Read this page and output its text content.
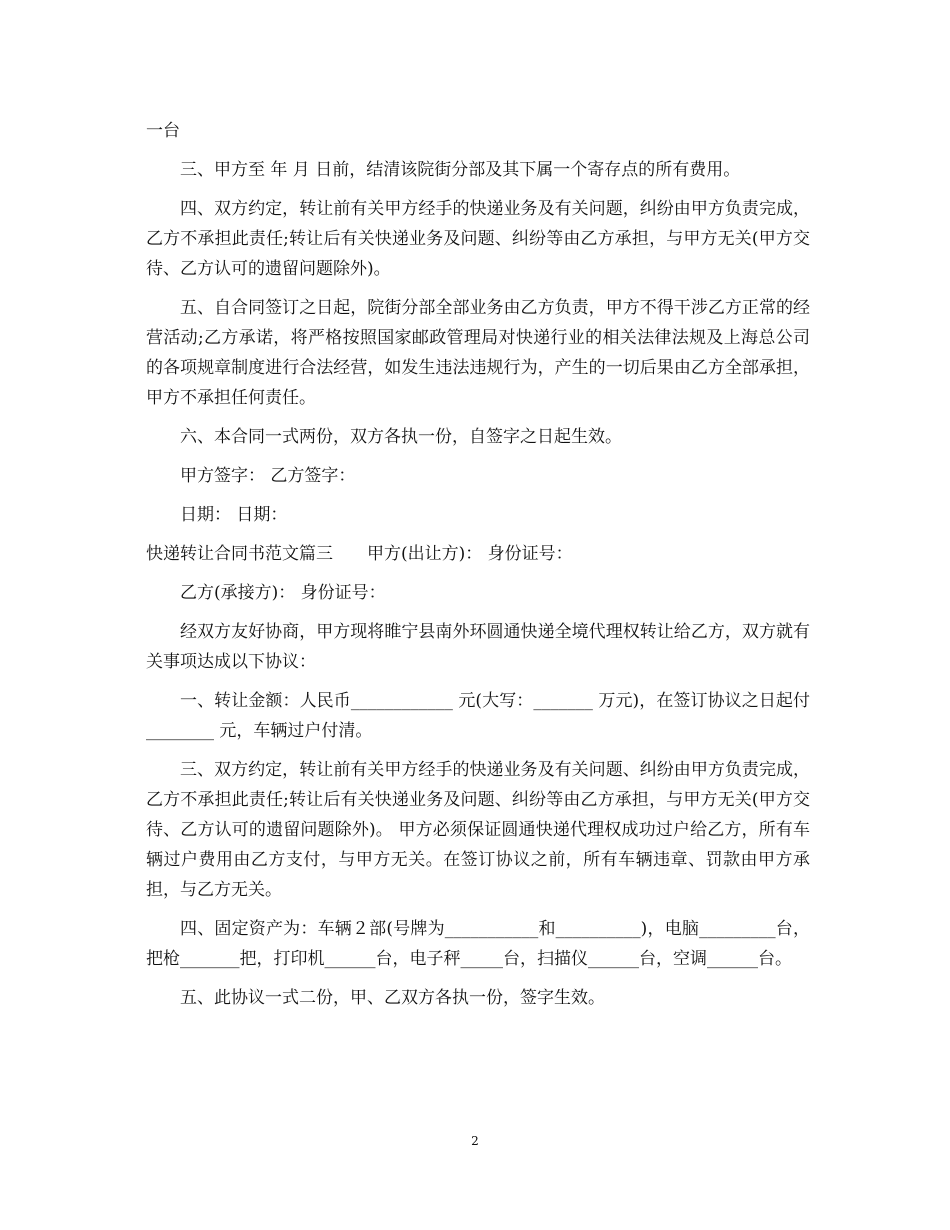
一台

三、甲方至 年 月 日前，结清该院街分部及其下属一个寄存点的所有费用。

四、双方约定，转让前有关甲方经手的快递业务及有关问题，纠纷由甲方负责完成，乙方不承担此责任;转让后有关快递业务及问题、纠纷等由乙方承担，与甲方无关(甲方交待、乙方认可的遗留问题除外)。

五、自合同签订之日起，院街分部全部业务由乙方负责，甲方不得干涉乙方正常的经营活动;乙方承诺，将严格按照国家邮政管理局对快递行业的相关法律法规及上海总公司的各项规章制度进行合法经营，如发生违法违规行为，产生的一切后果由乙方全部承担，甲方不承担任何责任。

六、本合同一式两份，双方各执一份，自签字之日起生效。

甲方签字： 乙方签字：

日期： 日期：

快递转让合同书范文篇三　　甲方(出让方)： 身份证号：

乙方(承接方)： 身份证号：

经双方友好协商，甲方现将睢宁县南外环圆通快递全境代理权转让给乙方，双方就有关事项达成以下协议：

一、转让金额：人民币____________ 元(大写：_______ 万元)，在签订协议之日起付________ 元，车辆过户付清。

三、双方约定，转让前有关甲方经手的快递业务及有关问题、纠纷由甲方负责完成，乙方不承担此责任;转让后有关快递业务及问题、纠纷等由乙方承担，与甲方无关(甲方交待、乙方认可的遗留问题除外)。 甲方必须保证圆通快递代理权成功过户给乙方，所有车辆过户费用由乙方支付，与甲方无关。在签订协议之前，所有车辆违章、罚款由甲方承担，与乙方无关。

四、固定资产为：车辆２部(号牌为___________和__________)，电脑_________台，把枪_______把，打印机______台，电子秤_____台，扫描仪______台，空调______台。

五、此协议一式二份，甲、乙双方各执一份，签字生效。

2
